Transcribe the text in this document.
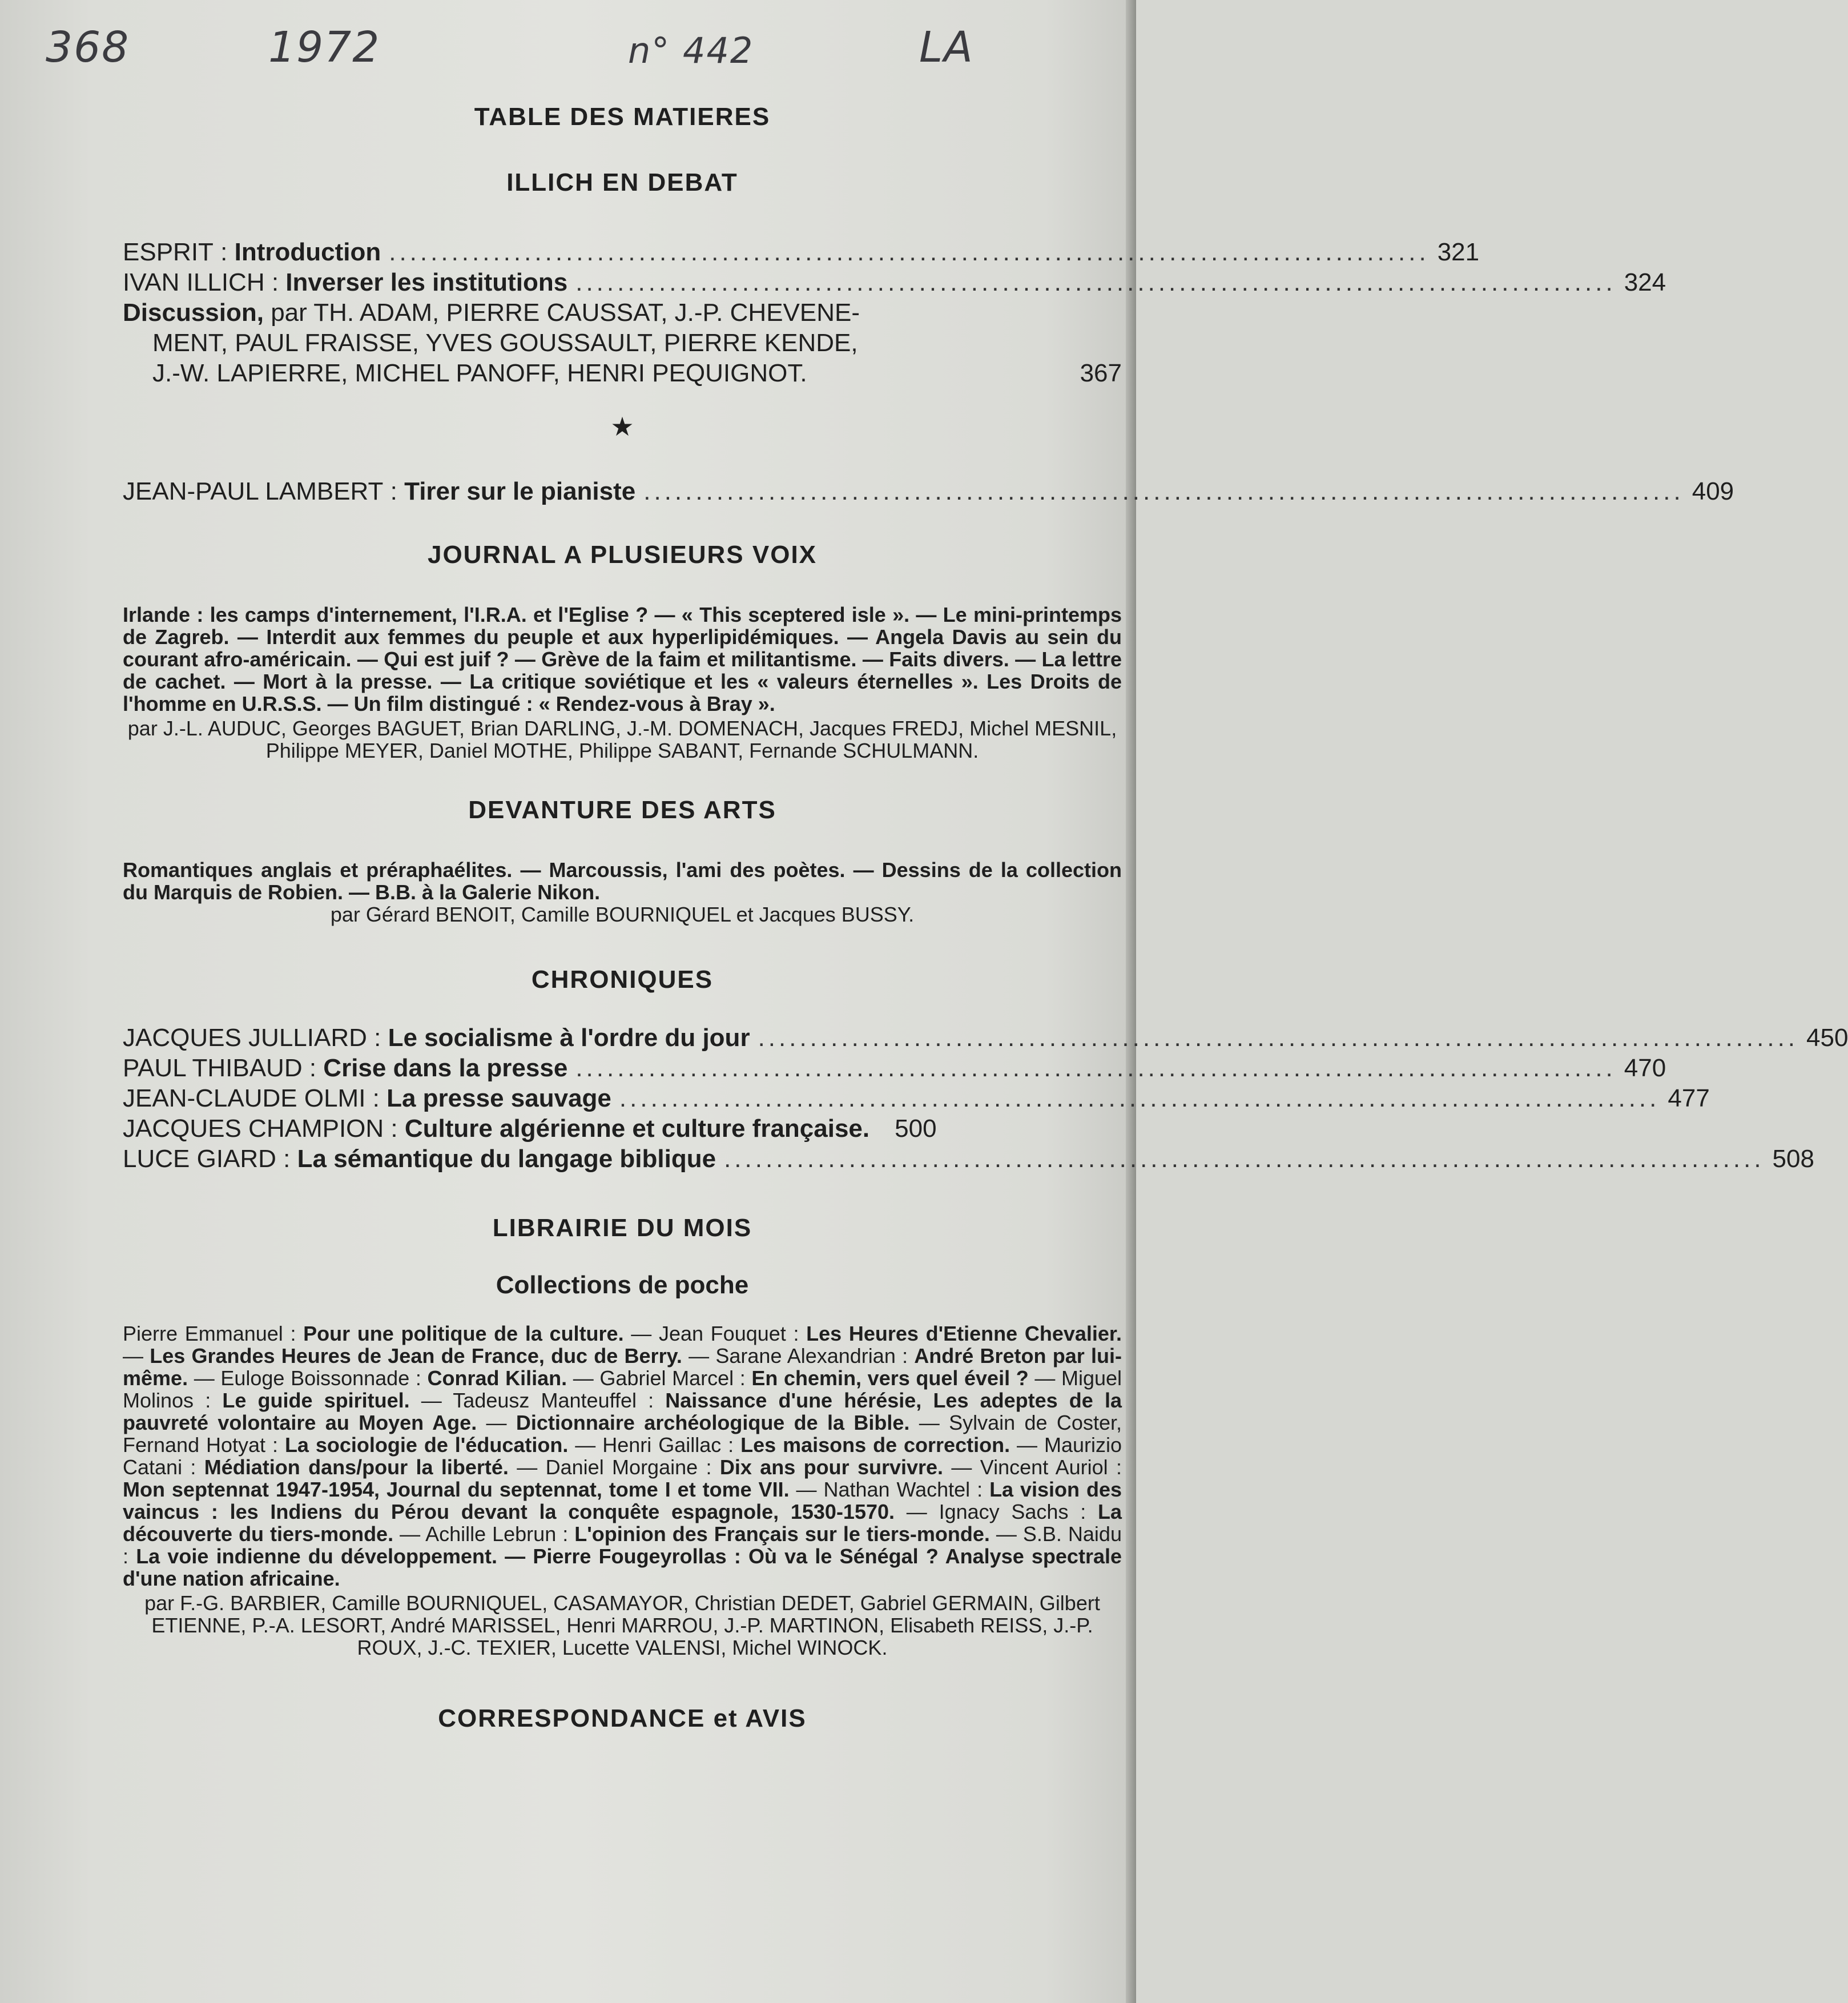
368	1972	n° 442	LA

TABLE DES MATIERES

ILLICH EN DEBAT

ESPRIT : Introduction .................................................................................................... 321
IVAN ILLICH : Inverser les institutions .................................................................................................... 324
Discussion, par TH. ADAM, PIERRE CAUSSAT, J.-P. CHEVENE-
MENT, PAUL FRAISSE, YVES GOUSSAULT, PIERRE KENDE,
J.-W. LAPIERRE, MICHEL PANOFF, HENRI PEQUIGNOT.	367

★

JEAN-PAUL LAMBERT : Tirer sur le pianiste .................................................................................................... 409

JOURNAL A PLUSIEURS VOIX

Irlande : les camps d'internement, l'I.R.A. et l'Eglise ? — « This sceptered isle ». — Le mini-printemps de Zagreb. — Interdit aux femmes du peuple et aux hyperlipidémiques. — Angela Davis au sein du courant afro-américain. — Qui est juif ? — Grève de la faim et militantisme. — Faits divers. — La lettre de cachet. — Mort à la presse. — La critique soviétique et les « valeurs éternelles ». Les Droits de l'homme en U.R.S.S. — Un film distingué : « Rendez-vous à Bray ».

par J.-L. AUDUC, Georges BAGUET, Brian DARLING, J.-M. DOMENACH, Jacques FREDJ, Michel MESNIL, Philippe MEYER, Daniel MOTHE, Philippe SABANT, Fernande SCHULMANN.

DEVANTURE DES ARTS

Romantiques anglais et préraphaélites. — Marcoussis, l'ami des poètes. — Dessins de la collection du Marquis de Robien. — B.B. à la Galerie Nikon.

par Gérard BENOIT, Camille BOURNIQUEL et Jacques BUSSY.

CHRONIQUES

JACQUES JULLIARD : Le socialisme à l'ordre du jour .................................................................................................... 450
PAUL THIBAUD : Crise dans la presse .................................................................................................... 470
JEAN-CLAUDE OLMI : La presse sauvage .................................................................................................... 477
JACQUES CHAMPION : Culture algérienne et culture française. 500
LUCE GIARD : La sémantique du langage biblique .................................................................................................... 508

LIBRAIRIE DU MOIS

Collections de poche

Pierre Emmanuel : Pour une politique de la culture. — Jean Fouquet : Les Heures d'Etienne Chevalier. — Les Grandes Heures de Jean de France, duc de Berry. — Sarane Alexandrian : André Breton par lui-même. — Euloge Boissonnade : Conrad Kilian. — Gabriel Marcel : En chemin, vers quel éveil ? — Miguel Molinos : Le guide spirituel. — Tadeusz Manteuffel : Naissance d'une hérésie, Les adeptes de la pauvreté volontaire au Moyen Age. — Dictionnaire archéologique de la Bible. — Sylvain de Coster, Fernand Hotyat : La sociologie de l'éducation. — Henri Gaillac : Les maisons de correction. — Maurizio Catani : Médiation dans/pour la liberté. — Daniel Morgaine : Dix ans pour survivre. — Vincent Auriol : Mon septennat 1947-1954, Journal du septennat, tome I et tome VII. — Nathan Wachtel : La vision des vaincus : les Indiens du Pérou devant la conquête espagnole, 1530-1570. — Ignacy Sachs : La découverte du tiers-monde. — Achille Lebrun : L'opinion des Français sur le tiers-monde. — S.B. Naidu : La voie indienne du développement. — Pierre Fougeyrollas : Où va le Sénégal ? Analyse spectrale d'une nation africaine.

par F.-G. BARBIER, Camille BOURNIQUEL, CASAMAYOR, Christian DEDET, Gabriel GERMAIN, Gilbert ETIENNE, P.-A. LESORT, André MARISSEL, Henri MARROU, J.-P. MARTINON, Elisabeth REISS, J.-P. ROUX, J.-C. TEXIER, Lucette VALENSI, Michel WINOCK.

CORRESPONDANCE et AVIS
